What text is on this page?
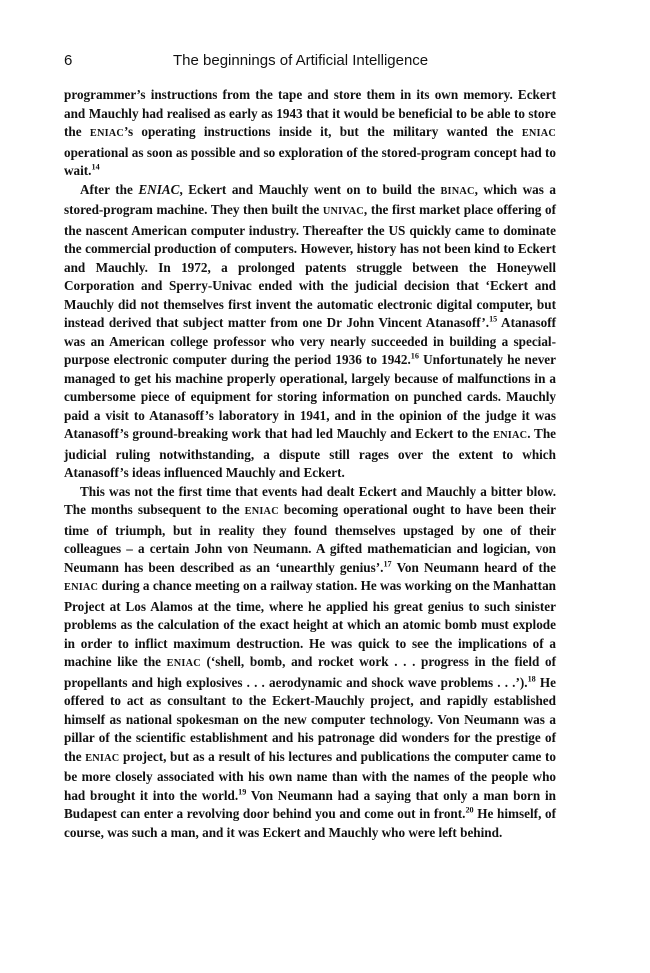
6	The beginnings of Artificial Intelligence

programmer’s instructions from the tape and store them in its own memory. Eckert and Mauchly had realised as early as 1943 that it would be beneficial to be able to store the ENIAC’s operating instructions inside it, but the military wanted the ENIAC operational as soon as possible and so exploration of the stored-program concept had to wait.$^{14}$

After the ENIAC, Eckert and Mauchly went on to build the BINAC, which was a stored-program machine. They then built the UNIVAC, the first market place offering of the nascent American computer industry. Thereafter the US quickly came to dominate the commercial production of computers. However, history has not been kind to Eckert and Mauchly. In 1972, a prolonged patents struggle between the Honeywell Corporation and Sperry-Univac ended with the judicial decision that ‘Eckert and Mauchly did not themselves first invent the automatic electronic digital computer, but instead derived that subject matter from one Dr John Vincent Atanasoff’.$^{15}$ Atanasoff was an American college professor who very nearly succeeded in building a special-purpose electronic computer during the period 1936 to 1942.16 Unfortunately he never managed to get his machine properly operational, largely because of malfunctions in a cumbersome piece of equipment for storing information on punched cards. Mauchly paid a visit to Atanasoff’s laboratory in 1941, and in the opinion of the judge it was Atanasoff’s ground-breaking work that had led Mauchly and Eckert to the ENIAC. The judicial ruling notwithstanding, a dispute still rages over the extent to which Atanasoff’s ideas influenced Mauchly and Eckert.

This was not the first time that events had dealt Eckert and Mauchly a bitter blow. The months subsequent to the ENIAC becoming operational ought to have been their time of triumph, but in reality they found themselves upstaged by one of their colleagues – a certain John von Neumann. A gifted mathematician and logician, von Neumann has been described as an ‘unearthly genius’.$^{17}$ Von Neumann heard of the ENIAC during a chance meeting on a railway station. He was working on the Manhattan Project at Los Alamos at the time, where he applied his great genius to such sinister problems as the calculation of the exact height at which an atomic bomb must explode in order to inflict maximum destruction. He was quick to see the implications of a machine like the ENIAC (‘shell, bomb, and rocket work . . . progress in the field of propellants and high explosives . . . aerodynamic and shock wave problems . . .’).$^{18}$ He offered to act as consultant to the Eckert-Mauchly project, and rapidly established himself as national spokesman on the new computer technology. Von Neumann was a pillar of the scientific establishment and his patronage did wonders for the prestige of the ENIAC project, but as a result of his lectures and publications the computer came to be more closely associated with his own name than with the names of the people who had brought it into the world.$^{19}$ Von Neumann had a saying that only a man born in Budapest can enter a revolving door behind you and come out in front.$^{20}$ He himself, of course, was such a man, and it was Eckert and Mauchly who were left behind.
